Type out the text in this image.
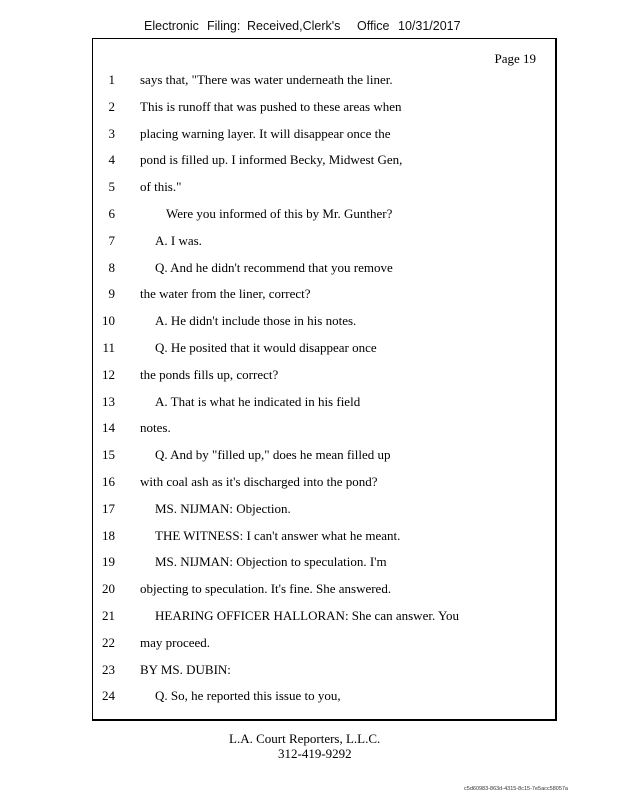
Electronic Filing: Received,Clerk's Office 10/31/2017
Page 19
1 says that, "There was water underneath the liner.
2 This is runoff that was pushed to these areas when
3 placing warning layer. It will disappear once the
4 pond is filled up. I informed Becky, Midwest Gen,
5 of this."
6	Were you informed of this by Mr. Gunther?
7	A. I was.
8	Q. And he didn't recommend that you remove
9 the water from the liner, correct?
10	A. He didn't include those in his notes.
11	Q. He posited that it would disappear once
12 the ponds fills up, correct?
13	A. That is what he indicated in his field
14 notes.
15	Q. And by "filled up," does he mean filled up
16 with coal ash as it's discharged into the pond?
17	MS. NIJMAN: Objection.
18	THE WITNESS: I can't answer what he meant.
19	MS. NIJMAN: Objection to speculation. I'm
20 objecting to speculation. It's fine. She answered.
21	HEARING OFFICER HALLORAN: She can answer. You
22 may proceed.
23 BY MS. DUBIN:
24	Q. So, he reported this issue to you,
L.A. Court Reporters, L.L.C.
312-419-9292
c5d60983-863d-4315-8c15-7e5acc58057a
